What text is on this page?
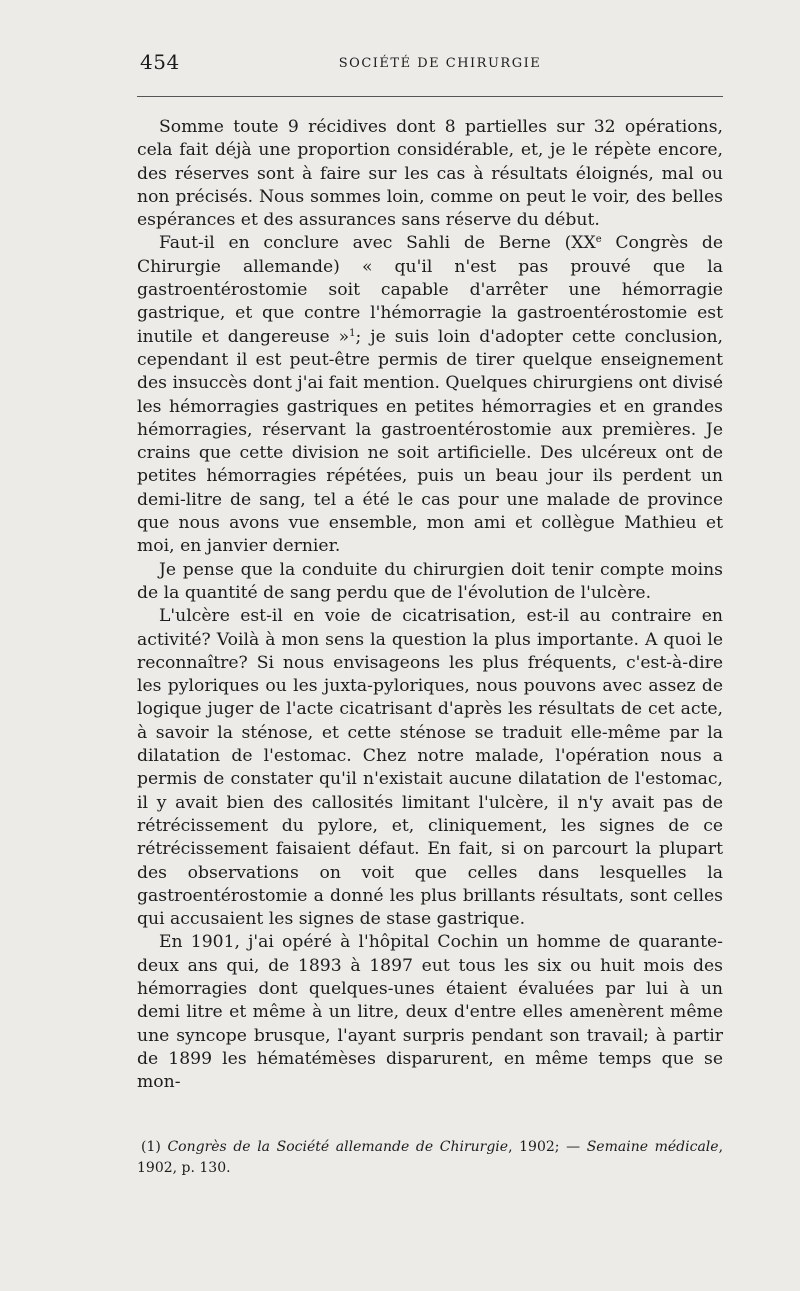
454	SOCIÉTÉ DE CHIRURGIE

Somme toute 9 récidives dont 8 partielles sur 32 opérations, cela fait déjà une proportion considérable, et, je le répète encore, des réserves sont à faire sur les cas à résultats éloignés, mal ou non précisés. Nous sommes loin, comme on peut le voir, des belles espérances et des assurances sans réserve du début.

Faut-il en conclure avec Sahli de Berne (XXe Congrès de Chirurgie allemande) « qu'il n'est pas prouvé que la gastroentérostomie soit capable d'arrêter une hémorragie gastrique, et que contre l'hémorragie la gastroentérostomie est inutile et dangereuse »$^1$; je suis loin d'adopter cette conclusion, cependant il est peut-être permis de tirer quelque enseignement des insuccès dont j'ai fait mention. Quelques chirurgiens ont divisé les hémorragies gastriques en petites hémorragies et en grandes hémorragies, réservant la gastroentérostomie aux premières. Je crains que cette division ne soit artificielle. Des ulcéreux ont de petites hémorragies répétées, puis un beau jour ils perdent un demi-litre de sang, tel a été le cas pour une malade de province que nous avons vue ensemble, mon ami et collègue Mathieu et moi, en janvier dernier.

Je pense que la conduite du chirurgien doit tenir compte moins de la quantité de sang perdu que de l'évolution de l'ulcère.

L'ulcère est-il en voie de cicatrisation, est-il au contraire en activité? Voilà à mon sens la question la plus importante. A quoi le reconnaître? Si nous envisageons les plus fréquents, c'est-à-dire les pyloriques ou les juxta-pyloriques, nous pouvons avec assez de logique juger de l'acte cicatrisant d'après les résultats de cet acte, à savoir la sténose, et cette sténose se traduit elle-même par la dilatation de l'estomac. Chez notre malade, l'opération nous a permis de constater qu'il n'existait aucune dilatation de l'estomac, il y avait bien des callosités limitant l'ulcère, il n'y avait pas de rétrécissement du pylore, et, cliniquement, les signes de ce rétrécissement faisaient défaut. En fait, si on parcourt la plupart des observations on voit que celles dans lesquelles la gastroentérostomie a donné les plus brillants résultats, sont celles qui accusaient les signes de stase gastrique.

En 1901, j'ai opéré à l'hôpital Cochin un homme de quarante-deux ans qui, de 1893 à 1897 eut tous les six ou huit mois des hémorragies dont quelques-unes étaient évaluées par lui à un demi litre et même à un litre, deux d'entre elles amenèrent même une syncope brusque, l'ayant surpris pendant son travail; à partir de 1899 les hématémèses disparurent, en même temps que se mon-

(1) Congrès de la Société allemande de Chirurgie, 1902; — Semaine médicale, 1902, p. 130.
